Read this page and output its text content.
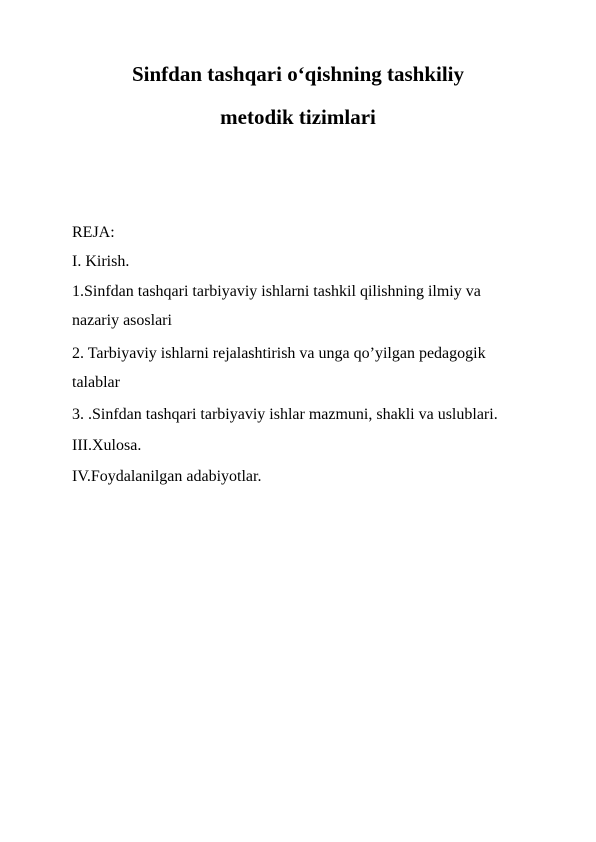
Sinfdan tashqari o‘qishning tashkiliy
metodik tizimlari
REJA:
I. Kirish.
1.Sinfdan tashqari tarbiyaviy ishlarni tashkil qilishning ilmiy va
nazariy asoslari
2. Tarbiyaviy ishlarni rejalashtirish va unga qo’yilgan pedagogik
talablar
3. .Sinfdan tashqari tarbiyaviy ishlar mazmuni, shakli va uslublari.
III.Xulosa.
IV.Foydalanilgan adabiyotlar.
